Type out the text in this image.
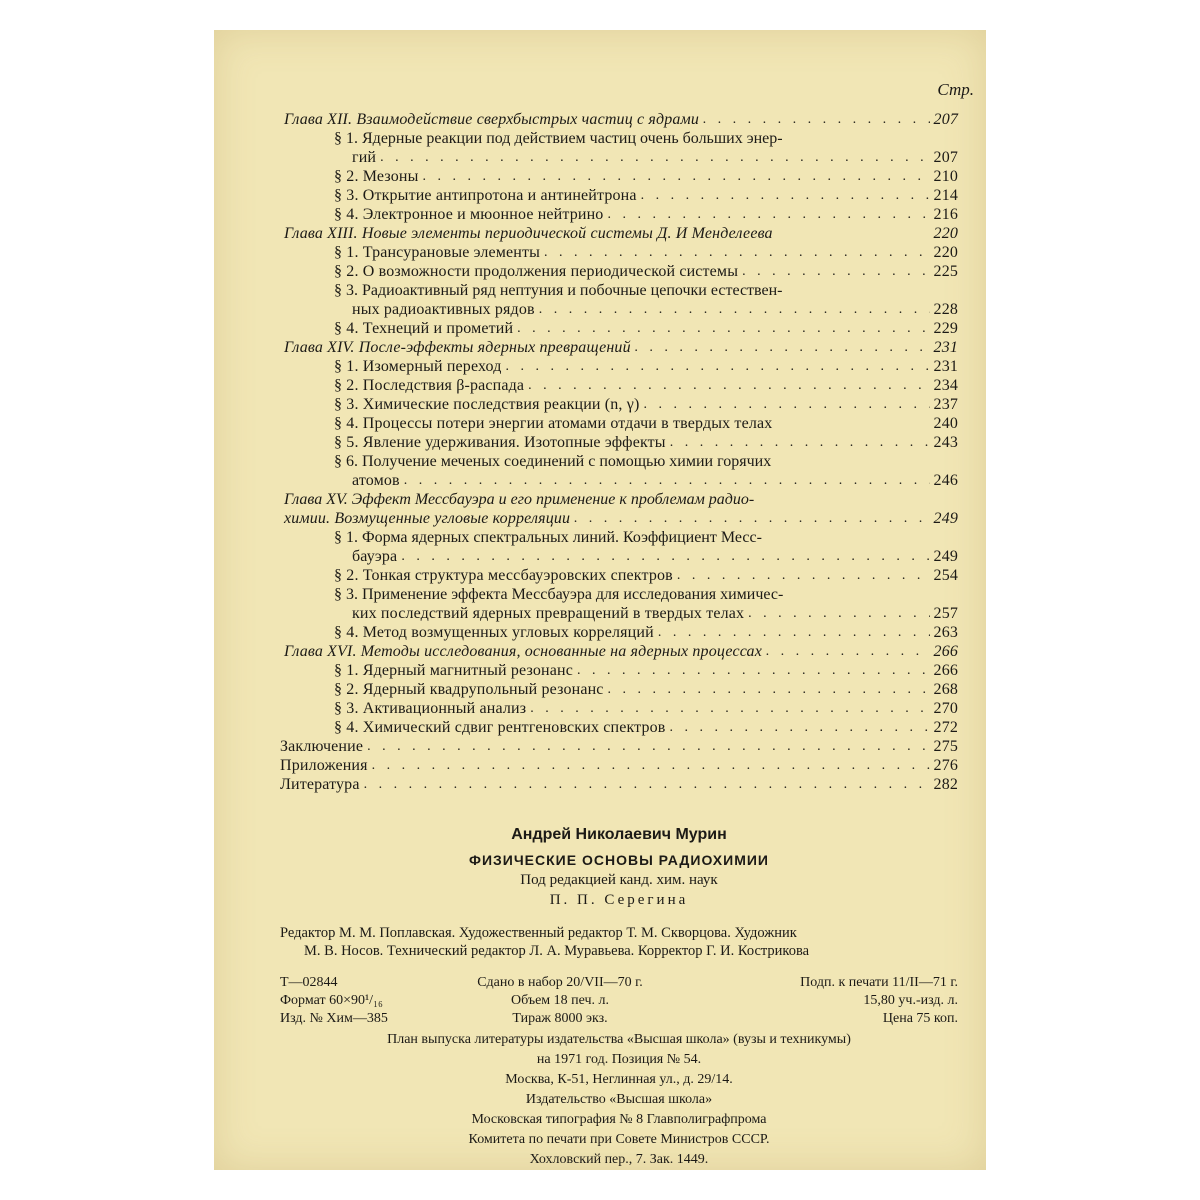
Стр.
Глава XII. Взаимодействие сверхбыстрых частиц с ядрами . . .	207
§ 1. Ядерные реакции под действием частиц очень больших энер-
гий . . .	207
§ 2. Мезоны . . .	210
§ 3. Открытие антипротона и антинейтрона . . .	214
§ 4. Электронное и мюонное нейтрино . . .	216
Глава XIII. Новые элементы периодической системы Д. И Менделеева	220
§ 1. Трансурановые элементы . . .	220
§ 2. О возможности продолжения периодической системы . . .	225
§ 3. Радиоактивный ряд нептуния и побочные цепочки естествен-
ных радиоактивных рядов . . .	228
§ 4. Технеций и прометий . . .	229
Глава XIV. После-эффекты ядерных превращений . . .	231
§ 1. Изомерный переход . . .	231
§ 2. Последствия β-распада . . .	234
§ 3. Химические последствия реакции (n, γ) . . .	237
§ 4. Процессы потери энергии атомами отдачи в твердых телах	240
§ 5. Явление удерживания. Изотопные эффекты . . .	243
§ 6. Получение меченых соединений с помощью химии горячих
атомов . . .	246
Глава XV. Эффект Мессбауэра и его применение к проблемам радио-
химии. Возмущенные угловые корреляции . . .	249
§ 1. Форма ядерных спектральных линий. Коэффициент Месс-
бауэра . . .	249
§ 2. Тонкая структура мессбауэровских спектров . . .	254
§ 3. Применение эффекта Мессбауэра для исследования химичес-
ких последствий ядерных превращений в твердых телах . . .	257
§ 4. Метод возмущенных угловых корреляций . . .	263
Глава XVI. Методы исследования, основанные на ядерных процессах . . .	266
§ 1. Ядерный магнитный резонанс . . .	266
§ 2. Ядерный квадрупольный резонанс . . .	268
§ 3. Активационный анализ . . .	270
§ 4. Химический сдвиг рентгеновских спектров . . .	272
Заключение . . .	275
Приложения . . .	276
Литература . . .	282
Андрей Николаевич Мурин
ФИЗИЧЕСКИЕ ОСНОВЫ РАДИОХИМИИ
Под редакцией канд. хим. наук
П. П. Серегина
Редактор М. М. Поплавская. Художественный редактор Т. М. Скворцова. Художник
М. В. Носов. Технический редактор Л. А. Муравьева. Корректор Г. И. Кострикова
Т—02844	Сдано в набор 20/VII—70 г.	Подп. к печати 11/II—71 г.
Формат 60×90¹/₁₆	Объем 18 печ. л.	15,80 уч.-изд. л.
Изд. № Хим—385	Тираж 8000 экз.	Цена 75 коп.
План выпуска литературы издательства «Высшая школа» (вузы и техникумы)
на 1971 год. Позиция № 54.
Москва, К-51, Неглинная ул., д. 29/14.
Издательство «Высшая школа»
Московская типография № 8 Главполиграфпрома
Комитета по печати при Совете Министров СССР.
Хохловский пер., 7. Зак. 1449.
